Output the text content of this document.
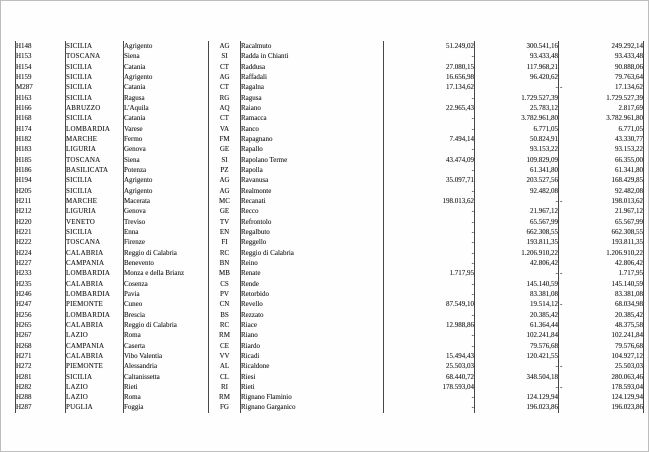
H148	SICILIA	Agrigento	AG	Racalmuto	51.249,02	300.541,16	249.292,14
H153	TOSCANA	Siena	SI	Radda in Chianti	-	93.433,48	93.433,48
H154	SICILIA	Catania	CT	Raddusa	27.080,15	117.968,21	90.888,06
H159	SICILIA	Agrigento	AG	Raffadali	16.656,98	96.420,62	79.763,64
M287	SICILIA	Catania	CT	Ragalna	17.134,62	-	- 17.134,62
H163	SICILIA	Ragusa	RG	Ragusa	-	1.729.527,39	1.729.527,39
H166	ABRUZZO	L'Aquila	AQ	Raiano	22.965,43	25.783,12	2.817,69
H168	SICILIA	Catania	CT	Ramacca	-	3.782.961,80	3.782.961,80
H174	LOMBARDIA	Varese	VA	Ranco	-	6.771,05	6.771,05
H182	MARCHE	Fermo	FM	Rapagnano	7.494,14	50.824,91	43.330,77
H183	LIGURIA	Genova	GE	Rapallo	-	93.153,22	93.153,22
H185	TOSCANA	Siena	SI	Rapolano Terme	43.474,09	109.829,09	66.355,00
H186	BASILICATA	Potenza	PZ	Rapolla	-	61.341,80	61.341,80
H194	SICILIA	Agrigento	AG	Ravanusa	35.097,71	203.527,56	168.429,85
H205	SICILIA	Agrigento	AG	Realmonte	-	92.482,08	92.482,08
H211	MARCHE	Macerata	MC	Recanati	198.013,62	-	- 198.013,62
H212	LIGURIA	Genova	GE	Recco	-	21.967,12	21.967,12
H220	VENETO	Treviso	TV	Refrontolo	-	65.567,99	65.567,99
H221	SICILIA	Enna	EN	Regalbuto	-	662.308,55	662.308,55
H222	TOSCANA	Firenze	FI	Reggello	-	193.811,35	193.811,35
H224	CALABRIA	Reggio di Calabria	RC	Reggio di Calabria	-	1.206.910,22	1.206.910,22
H227	CAMPANIA	Benevento	BN	Reino	-	42.806,42	42.806,42
H233	LOMBARDIA	Monza e della Brianz	MB	Renate	1.717,95	-	- 1.717,95
H235	CALABRIA	Cosenza	CS	Rende	-	145.140,59	145.140,59
H246	LOMBARDIA	Pavia	PV	Retorbido	-	83.381,08	83.381,08
H247	PIEMONTE	Cuneo	CN	Revello	87.549,10	19.514,12	- 68.034,98
H256	LOMBARDIA	Brescia	BS	Rezzato	-	20.385,42	20.385,42
H265	CALABRIA	Reggio di Calabria	RC	Riace	12.988,86	61.364,44	48.375,58
H267	LAZIO	Roma	RM	Riano	-	102.241,84	102.241,84
H268	CAMPANIA	Caserta	CE	Riardo	-	79.576,68	79.576,68
H271	CALABRIA	Vibo Valentia	VV	Ricadi	15.494,43	120.421,55	104.927,12
H272	PIEMONTE	Alessandria	AL	Ricaldone	25.503,03	-	- 25.503,03
H281	SICILIA	Caltanissetta	CL	Riesi	68.440,72	348.504,18	280.063,46
H282	LAZIO	Rieti	RI	Rieti	178.593,04	-	- 178.593,04
H288	LAZIO	Roma	RM	Rignano Flaminio	-	124.129,94	124.129,94
H287	PUGLIA	Foggia	FG	Rignano Garganico	-	196.023,86	196.023,86
